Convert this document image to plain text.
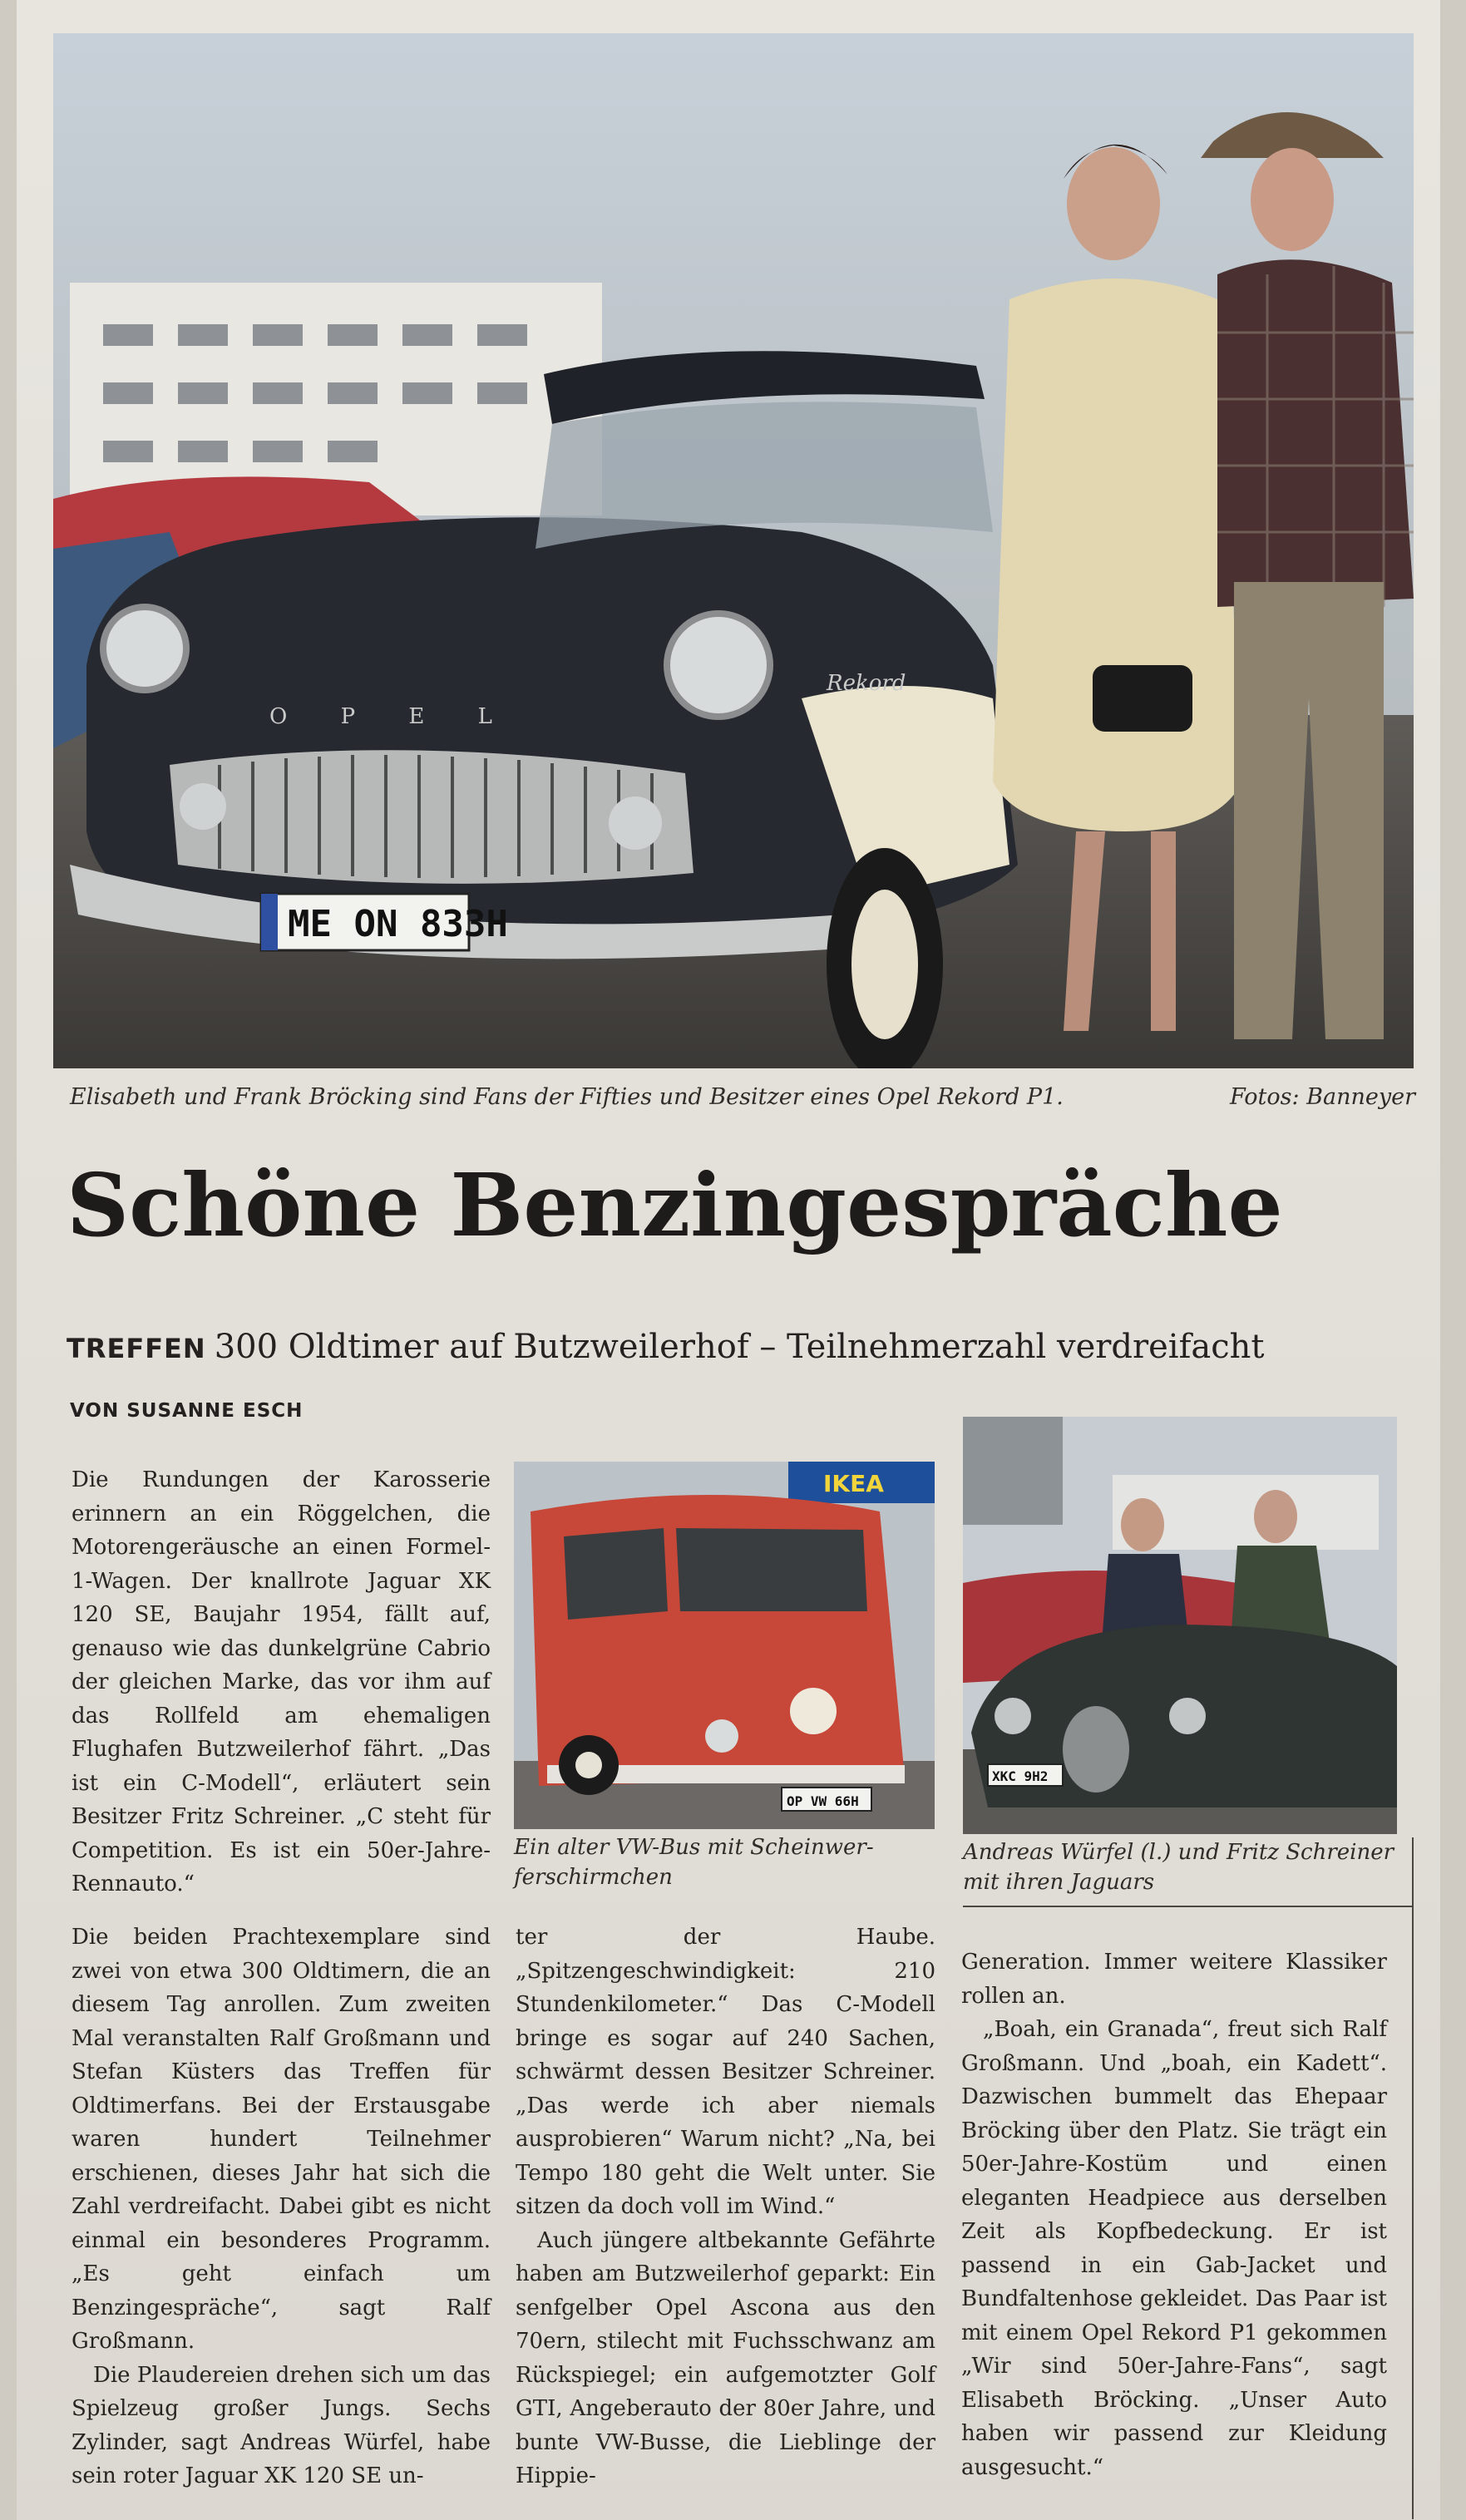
O P E L
Rekord
ME ON 833H

Elisabeth und Frank Bröcking sind Fans der Fifties und Besitzer eines Opel Rekord P1.	Fotos: Banneyer

Schöne Benzingespräche

TREFFEN 300 Oldtimer auf Butzweilerhof – Teilnehmerzahl verdreifacht

VON SUSANNE ESCH

IKEA
OP VW 66H

Ein alter VW-Bus mit Scheinwer-ferschirmchen

XKC 9H2

Andreas Würfel (l.) und Fritz Schreiner mit ihren Jaguars

Die Rundungen der Karosserie erinnern an ein Röggelchen, die Motorengeräusche an einen Formel-1-Wagen. Der knallrote Jaguar XK 120 SE, Baujahr 1954, fällt auf, genauso wie das dunkelgrüne Cabrio der gleichen Marke, das vor ihm auf das Rollfeld am ehemaligen Flughafen Butzweilerhof fährt. „Das ist ein C-Modell“, erläutert sein Besitzer Fritz Schreiner. „C steht für Competition. Es ist ein 50er-Jahre-Rennauto.“

Die beiden Prachtexemplare sind zwei von etwa 300 Oldtimern, die an diesem Tag anrollen. Zum zweiten Mal veranstalten Ralf Großmann und Stefan Küsters das Treffen für Oldtimerfans. Bei der Erstausgabe waren hundert Teilnehmer erschienen, dieses Jahr hat sich die Zahl verdreifacht. Dabei gibt es nicht einmal ein besonderes Programm. „Es geht einfach um Benzingespräche“, sagt Ralf Großmann.

Die Plaudereien drehen sich um das Spielzeug großer Jungs. Sechs Zylinder, sagt Andreas Würfel, habe sein roter Jaguar XK 120 SE un-

ter der Haube. „Spitzengeschwindigkeit: 210 Stundenkilometer.“ Das C-Modell bringe es sogar auf 240 Sachen, schwärmt dessen Besitzer Schreiner. „Das werde ich aber niemals ausprobieren“ Warum nicht? „Na, bei Tempo 180 geht die Welt unter. Sie sitzen da doch voll im Wind.“

Auch jüngere altbekannte Gefährte haben am Butzweilerhof geparkt: Ein senfgelber Opel Ascona aus den 70ern, stilecht mit Fuchsschwanz am Rückspiegel; ein aufgemotzter Golf GTI, Angeberauto der 80er Jahre, und bunte VW-Busse, die Lieblinge der Hippie-

Generation. Immer weitere Klassiker rollen an.

„Boah, ein Granada“, freut sich Ralf Großmann. Und „boah, ein Kadett“. Dazwischen bummelt das Ehepaar Bröcking über den Platz. Sie trägt ein 50er-Jahre-Kostüm und einen eleganten Headpiece aus derselben Zeit als Kopfbedeckung. Er ist passend in ein Gab-Jacket und Bundfaltenhose gekleidet. Das Paar ist mit einem Opel Rekord P1 gekommen „Wir sind 50er-Jahre-Fans“, sagt Elisabeth Bröcking. „Unser Auto haben wir passend zur Kleidung ausgesucht.“
